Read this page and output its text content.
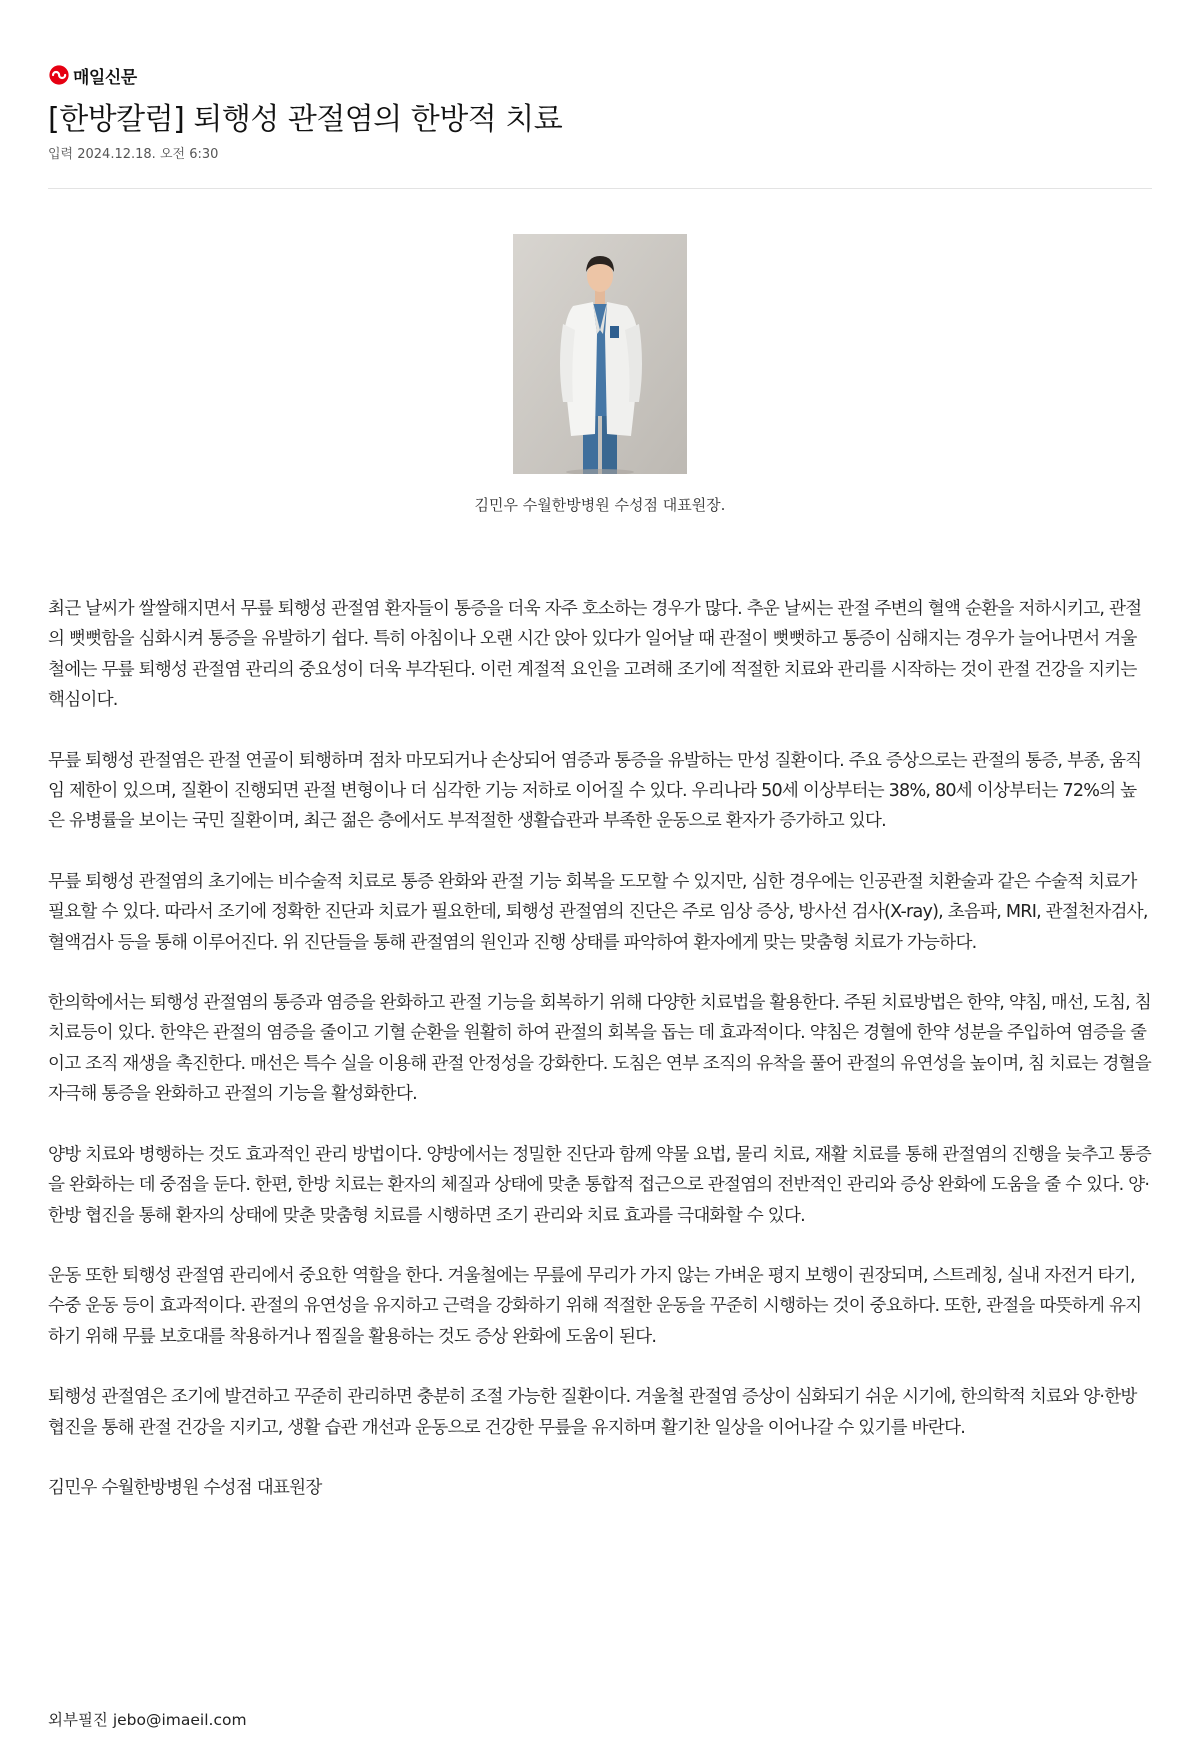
매일신문
[한방칼럼] 퇴행성 관절염의 한방적 치료
입력 2024.12.18. 오전 6:30
김민우 수월한방병원 수성점 대표원장.

최근 날씨가 쌀쌀해지면서 무릎 퇴행성 관절염 환자들이 통증을 더욱 자주 호소하는 경우가 많다. 추운 날씨는 관절 주변의 혈액 순환을 저하시키고, 관절의 뻣뻣함을 심화시켜 통증을 유발하기 쉽다. 특히 아침이나 오랜 시간 앉아 있다가 일어날 때 관절이 뻣뻣하고 통증이 심해지는 경우가 늘어나면서 겨울철에는 무릎 퇴행성 관절염 관리의 중요성이 더욱 부각된다. 이런 계절적 요인을 고려해 조기에 적절한 치료와 관리를 시작하는 것이 관절 건강을 지키는 핵심이다.

무릎 퇴행성 관절염은 관절 연골이 퇴행하며 점차 마모되거나 손상되어 염증과 통증을 유발하는 만성 질환이다. 주요 증상으로는 관절의 통증, 부종, 움직임 제한이 있으며, 질환이 진행되면 관절 변형이나 더 심각한 기능 저하로 이어질 수 있다. 우리나라 50세 이상부터는 38%, 80세 이상부터는 72%의 높은 유병률을 보이는 국민 질환이며, 최근 젊은 층에서도 부적절한 생활습관과 부족한 운동으로 환자가 증가하고 있다.

무릎 퇴행성 관절염의 초기에는 비수술적 치료로 통증 완화와 관절 기능 회복을 도모할 수 있지만, 심한 경우에는 인공관절 치환술과 같은 수술적 치료가 필요할 수 있다. 따라서 조기에 정확한 진단과 치료가 필요한데, 퇴행성 관절염의 진단은 주로 임상 증상, 방사선 검사(X-ray), 초음파, MRI, 관절천자검사, 혈액검사 등을 통해 이루어진다. 위 진단들을 통해 관절염의 원인과 진행 상태를 파악하여 환자에게 맞는 맞춤형 치료가 가능하다.

한의학에서는 퇴행성 관절염의 통증과 염증을 완화하고 관절 기능을 회복하기 위해 다양한 치료법을 활용한다. 주된 치료방법은 한약, 약침, 매선, 도침, 침 치료등이 있다. 한약은 관절의 염증을 줄이고 기혈 순환을 원활히 하여 관절의 회복을 돕는 데 효과적이다. 약침은 경혈에 한약 성분을 주입하여 염증을 줄이고 조직 재생을 촉진한다. 매선은 특수 실을 이용해 관절 안정성을 강화한다. 도침은 연부 조직의 유착을 풀어 관절의 유연성을 높이며, 침 치료는 경혈을 자극해 통증을 완화하고 관절의 기능을 활성화한다.

양방 치료와 병행하는 것도 효과적인 관리 방법이다. 양방에서는 정밀한 진단과 함께 약물 요법, 물리 치료, 재활 치료를 통해 관절염의 진행을 늦추고 통증을 완화하는 데 중점을 둔다. 한편, 한방 치료는 환자의 체질과 상태에 맞춘 통합적 접근으로 관절염의 전반적인 관리와 증상 완화에 도움을 줄 수 있다. 양·한방 협진을 통해 환자의 상태에 맞춘 맞춤형 치료를 시행하면 조기 관리와 치료 효과를 극대화할 수 있다.

운동 또한 퇴행성 관절염 관리에서 중요한 역할을 한다. 겨울철에는 무릎에 무리가 가지 않는 가벼운 평지 보행이 권장되며, 스트레칭, 실내 자전거 타기, 수중 운동 등이 효과적이다. 관절의 유연성을 유지하고 근력을 강화하기 위해 적절한 운동을 꾸준히 시행하는 것이 중요하다. 또한, 관절을 따뜻하게 유지하기 위해 무릎 보호대를 착용하거나 찜질을 활용하는 것도 증상 완화에 도움이 된다.

퇴행성 관절염은 조기에 발견하고 꾸준히 관리하면 충분히 조절 가능한 질환이다. 겨울철 관절염 증상이 심화되기 쉬운 시기에, 한의학적 치료와 양·한방 협진을 통해 관절 건강을 지키고, 생활 습관 개선과 운동으로 건강한 무릎을 유지하며 활기찬 일상을 이어나갈 수 있기를 바란다.

김민우 수월한방병원 수성점 대표원장

외부필진 jebo@imaeil.com
